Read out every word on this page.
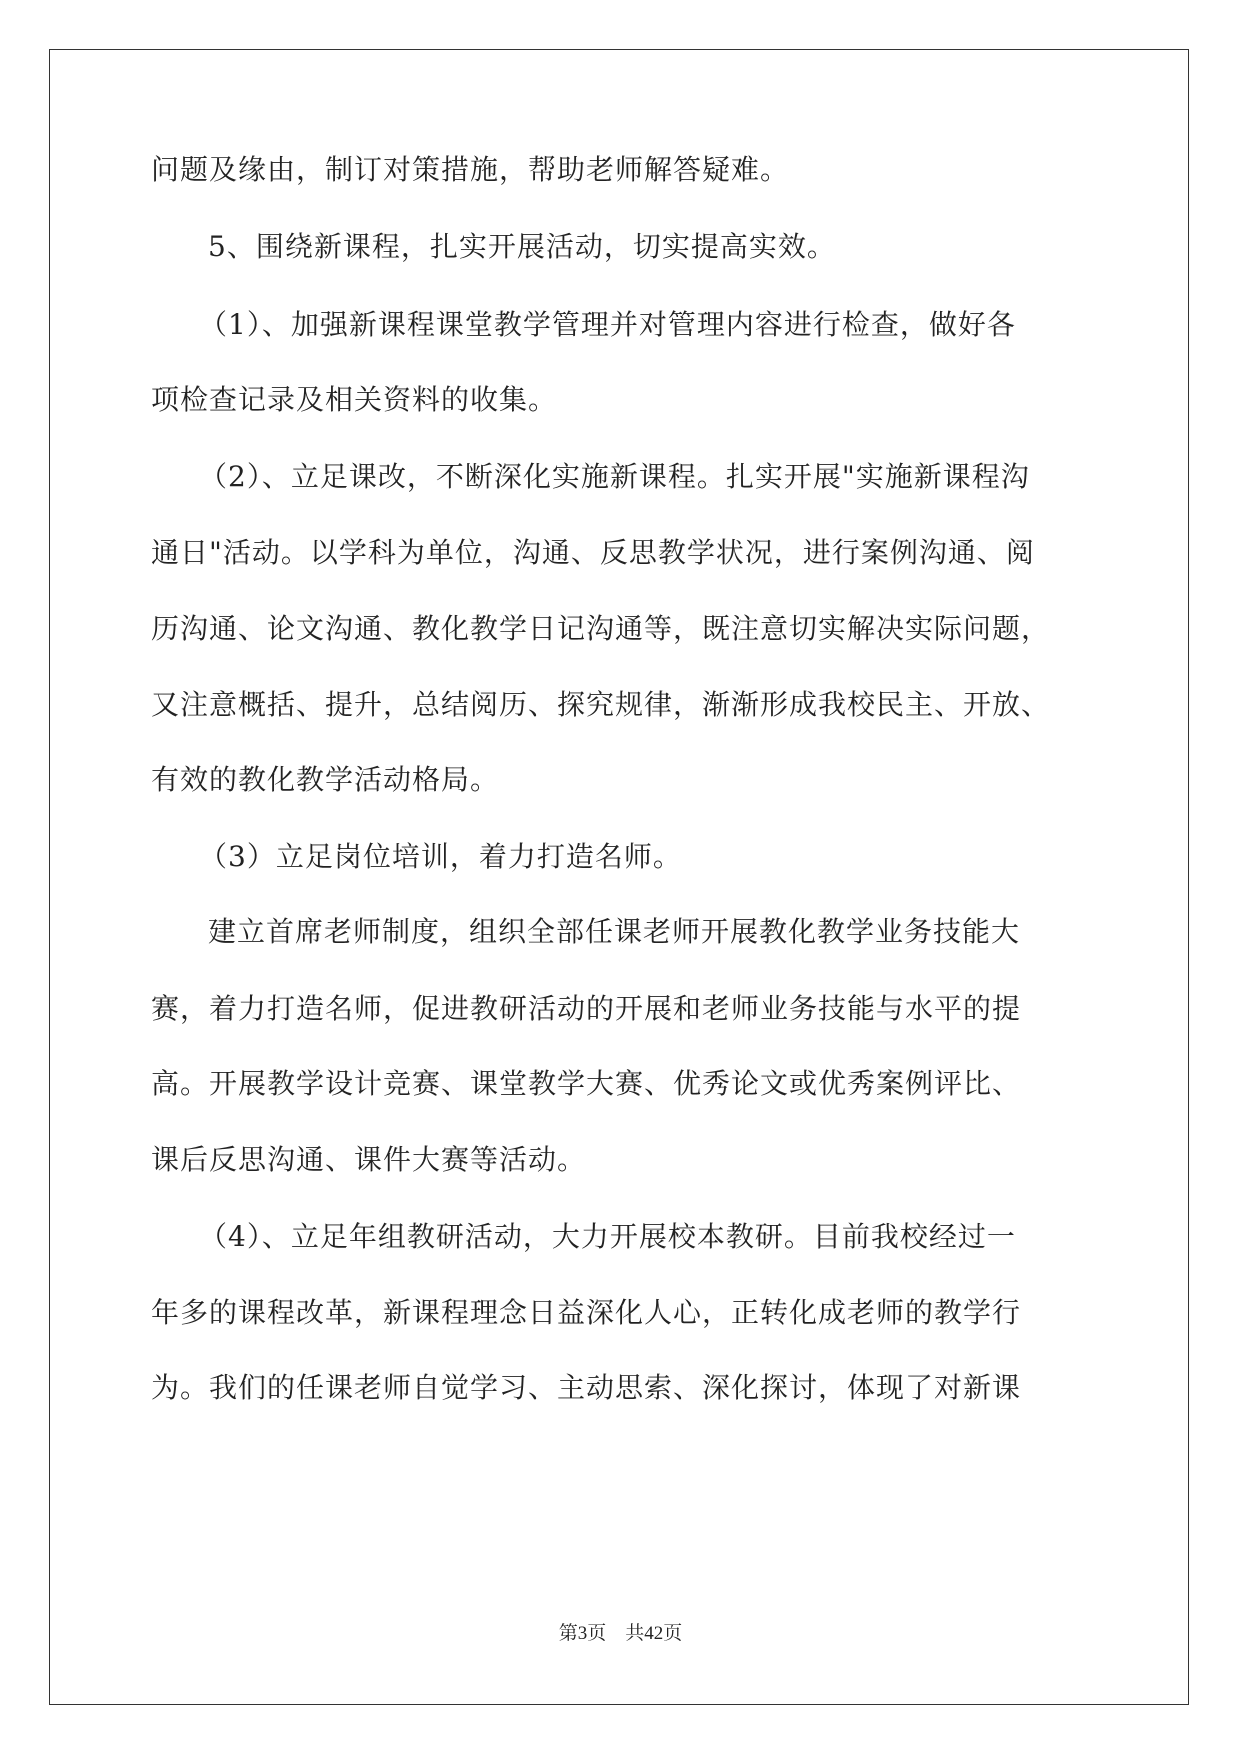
问题及缘由，制订对策措施，帮助老师解答疑难。
5、围绕新课程，扎实开展活动，切实提高实效。
（1）、加强新课程课堂教学管理并对管理内容进行检查，做好各
项检查记录及相关资料的收集。
（2）、立足课改，不断深化实施新课程。扎实开展"实施新课程沟
通日"活动。以学科为单位，沟通、反思教学状况，进行案例沟通、阅
历沟通、论文沟通、教化教学日记沟通等，既注意切实解决实际问题，
又注意概括、提升，总结阅历、探究规律，渐渐形成我校民主、开放、
有效的教化教学活动格局。
（3）立足岗位培训，着力打造名师。
建立首席老师制度，组织全部任课老师开展教化教学业务技能大
赛，着力打造名师，促进教研活动的开展和老师业务技能与水平的提
高。开展教学设计竞赛、课堂教学大赛、优秀论文或优秀案例评比、
课后反思沟通、课件大赛等活动。
（4）、立足年组教研活动，大力开展校本教研。目前我校经过一
年多的课程改革，新课程理念日益深化人心，正转化成老师的教学行
为。我们的任课老师自觉学习、主动思索、深化探讨，体现了对新课
第3页 共42页
